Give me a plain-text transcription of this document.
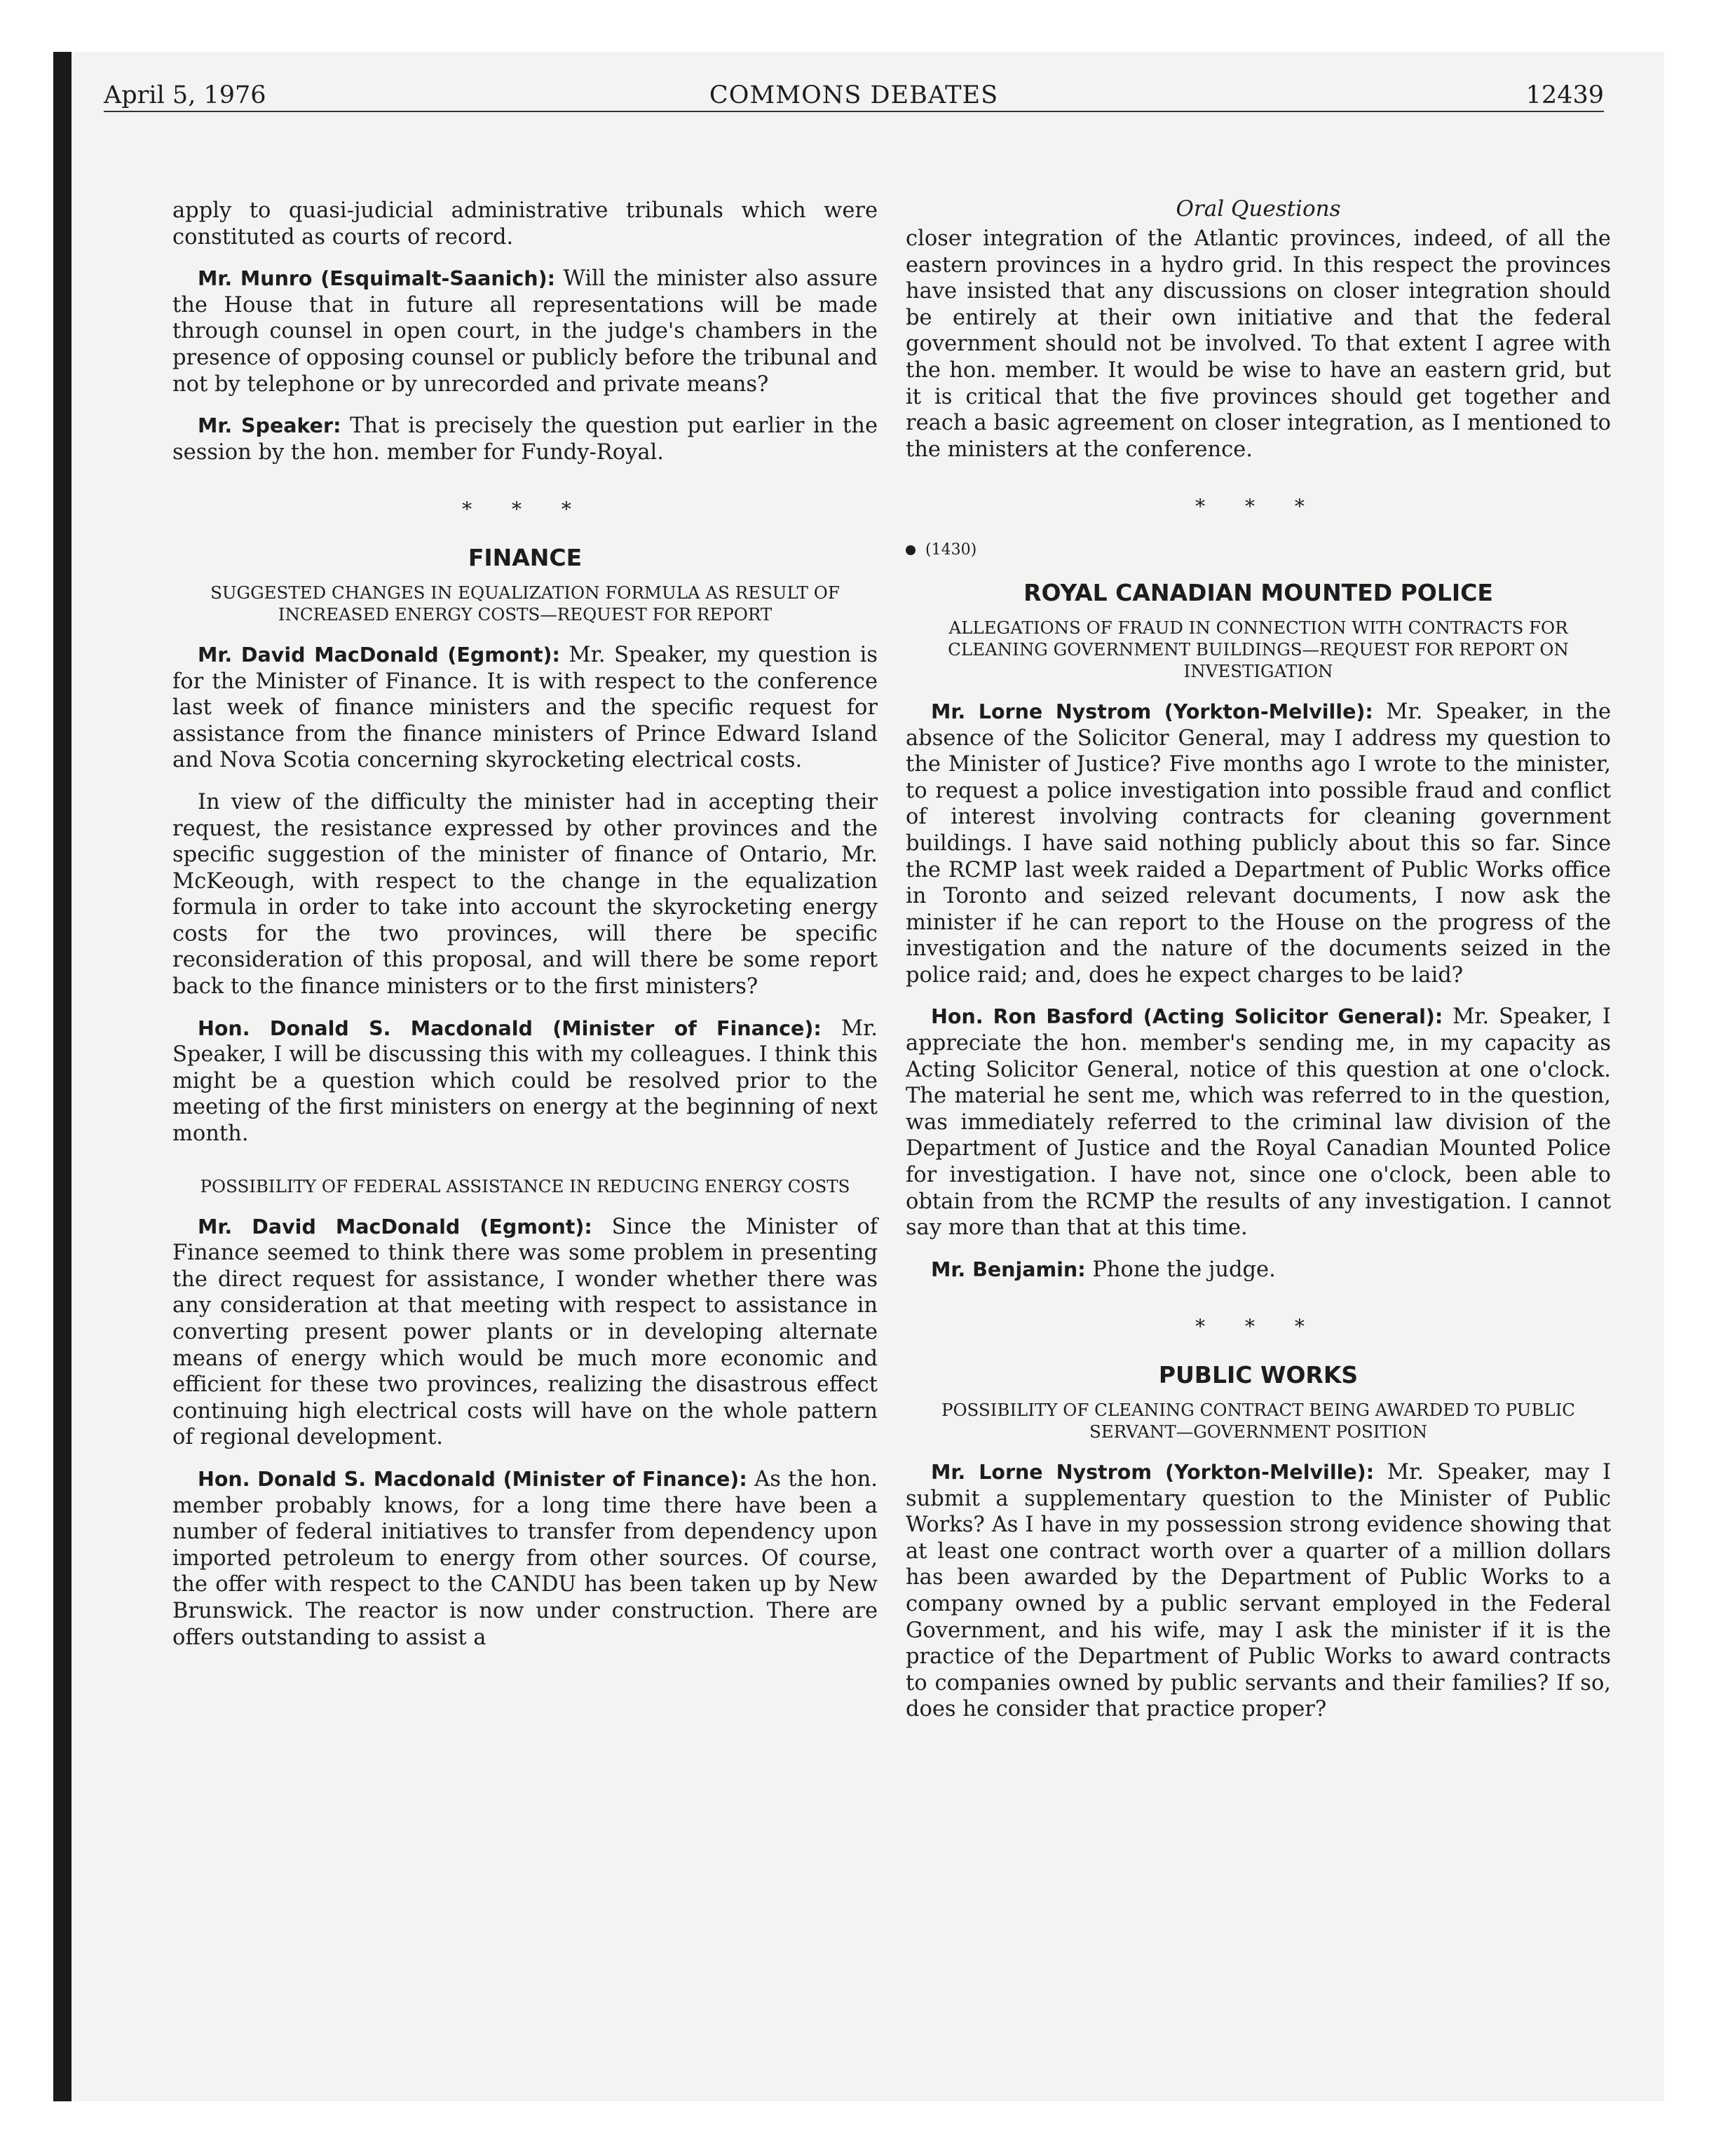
April 5, 1976	COMMONS DEBATES	12439
Oral Questions

apply to quasi-judicial administrative tribunals which were constituted as courts of record.

Mr. Munro (Esquimalt-Saanich): Will the minister also assure the House that in future all representations will be made through counsel in open court, in the judge's chambers in the presence of opposing counsel or publicly before the tribunal and not by telephone or by unrecorded and private means?

Mr. Speaker: That is precisely the question put earlier in the session by the hon. member for Fundy-Royal.

* * *
FINANCE
SUGGESTED CHANGES IN EQUALIZATION FORMULA AS RESULT OF INCREASED ENERGY COSTS—REQUEST FOR REPORT

Mr. David MacDonald (Egmont): Mr. Speaker, my question is for the Minister of Finance. It is with respect to the conference last week of finance ministers and the specific request for assistance from the finance ministers of Prince Edward Island and Nova Scotia concerning skyrocketing electrical costs.

In view of the difficulty the minister had in accepting their request, the resistance expressed by other provinces and the specific suggestion of the minister of finance of Ontario, Mr. McKeough, with respect to the change in the equalization formula in order to take into account the skyrocketing energy costs for the two provinces, will there be specific reconsideration of this proposal, and will there be some report back to the finance ministers or to the first ministers?

Hon. Donald S. Macdonald (Minister of Finance): Mr. Speaker, I will be discussing this with my colleagues. I think this might be a question which could be resolved prior to the meeting of the first ministers on energy at the beginning of next month.

POSSIBILITY OF FEDERAL ASSISTANCE IN REDUCING ENERGY COSTS

Mr. David MacDonald (Egmont): Since the Minister of Finance seemed to think there was some problem in presenting the direct request for assistance, I wonder whether there was any consideration at that meeting with respect to assistance in converting present power plants or in developing alternate means of energy which would be much more economic and efficient for these two provinces, realizing the disastrous effect continuing high electrical costs will have on the whole pattern of regional development.

Hon. Donald S. Macdonald (Minister of Finance): As the hon. member probably knows, for a long time there have been a number of federal initiatives to transfer from dependency upon imported petroleum to energy from other sources. Of course, the offer with respect to the CANDU has been taken up by New Brunswick. The reactor is now under construction. There are offers outstanding to assist a

closer integration of the Atlantic provinces, indeed, of all the eastern provinces in a hydro grid. In this respect the provinces have insisted that any discussions on closer integration should be entirely at their own initiative and that the federal government should not be involved. To that extent I agree with the hon. member. It would be wise to have an eastern grid, but it is critical that the five provinces should get together and reach a basic agreement on closer integration, as I mentioned to the ministers at the conference.

* * *
(1430)
ROYAL CANADIAN MOUNTED POLICE
ALLEGATIONS OF FRAUD IN CONNECTION WITH CONTRACTS FOR CLEANING GOVERNMENT BUILDINGS—REQUEST FOR REPORT ON INVESTIGATION

Mr. Lorne Nystrom (Yorkton-Melville): Mr. Speaker, in the absence of the Solicitor General, may I address my question to the Minister of Justice? Five months ago I wrote to the minister, to request a police investigation into possible fraud and conflict of interest involving contracts for cleaning government buildings. I have said nothing publicly about this so far. Since the RCMP last week raided a Department of Public Works office in Toronto and seized relevant documents, I now ask the minister if he can report to the House on the progress of the investigation and the nature of the documents seized in the police raid; and, does he expect charges to be laid?

Hon. Ron Basford (Acting Solicitor General): Mr. Speaker, I appreciate the hon. member's sending me, in my capacity as Acting Solicitor General, notice of this question at one o'clock. The material he sent me, which was referred to in the question, was immediately referred to the criminal law division of the Department of Justice and the Royal Canadian Mounted Police for investigation. I have not, since one o'clock, been able to obtain from the RCMP the results of any investigation. I cannot say more than that at this time.

Mr. Benjamin: Phone the judge.

* * *
PUBLIC WORKS
POSSIBILITY OF CLEANING CONTRACT BEING AWARDED TO PUBLIC SERVANT—GOVERNMENT POSITION

Mr. Lorne Nystrom (Yorkton-Melville): Mr. Speaker, may I submit a supplementary question to the Minister of Public Works? As I have in my possession strong evidence showing that at least one contract worth over a quarter of a million dollars has been awarded by the Department of Public Works to a company owned by a public servant employed in the Federal Government, and his wife, may I ask the minister if it is the practice of the Department of Public Works to award contracts to companies owned by public servants and their families? If so, does he consider that practice proper?
